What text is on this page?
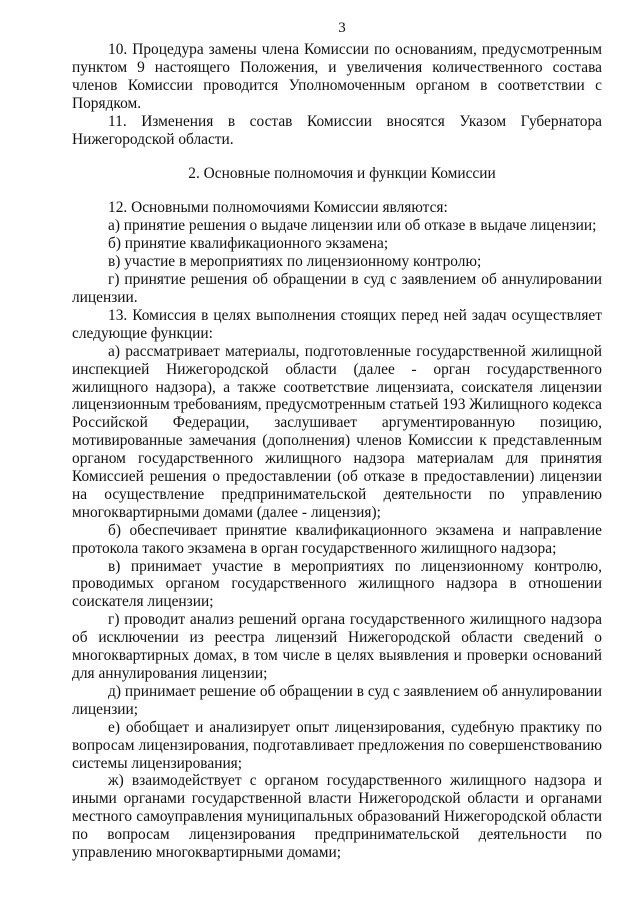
3

10. Процедура замены члена Комиссии по основаниям, предусмотренным пунктом 9 настоящего Положения, и увеличения количественного состава членов Комиссии проводится Уполномоченным органом в соответствии с Порядком.

11. Изменения в состав Комиссии вносятся Указом Губернатора Нижегородской области.

2. Основные полномочия и функции Комиссии

12. Основными полномочиями Комиссии являются:

а) принятие решения о выдаче лицензии или об отказе в выдаче лицензии;

б) принятие квалификационного экзамена;

в) участие в мероприятиях по лицензионному контролю;

г) принятие решения об обращении в суд с заявлением об аннулировании лицензии.

13. Комиссия в целях выполнения стоящих перед ней задач осуществляет следующие функции:

а) рассматривает материалы, подготовленные государственной жилищной инспекцией Нижегородской области (далее - орган государственного жилищного надзора), а также соответствие лицензиата, соискателя лицензии лицензионным требованиям, предусмотренным статьей 193 Жилищного кодекса Российской Федерации, заслушивает аргументированную позицию, мотивированные замечания (дополнения) членов Комиссии к представленным органом государственного жилищного надзора материалам для принятия Комиссией решения о предоставлении (об отказе в предоставлении) лицензии на осуществление предпринимательской деятельности по управлению многоквартирными домами (далее - лицензия);

б) обеспечивает принятие квалификационного экзамена и направление протокола такого экзамена в орган государственного жилищного надзора;

в) принимает участие в мероприятиях по лицензионному контролю, проводимых органом государственного жилищного надзора в отношении соискателя лицензии;

г) проводит анализ решений органа государственного жилищного надзора об исключении из реестра лицензий Нижегородской области сведений о многоквартирных домах, в том числе в целях выявления и проверки оснований для аннулирования лицензии;

д) принимает решение об обращении в суд с заявлением об аннулировании лицензии;

е) обобщает и анализирует опыт лицензирования, судебную практику по вопросам лицензирования, подготавливает предложения по совершенствованию системы лицензирования;

ж) взаимодействует с органом государственного жилищного надзора и иными органами государственной власти Нижегородской области и органами местного самоуправления муниципальных образований Нижегородской области по вопросам лицензирования предпринимательской деятельности по управлению многоквартирными домами;
